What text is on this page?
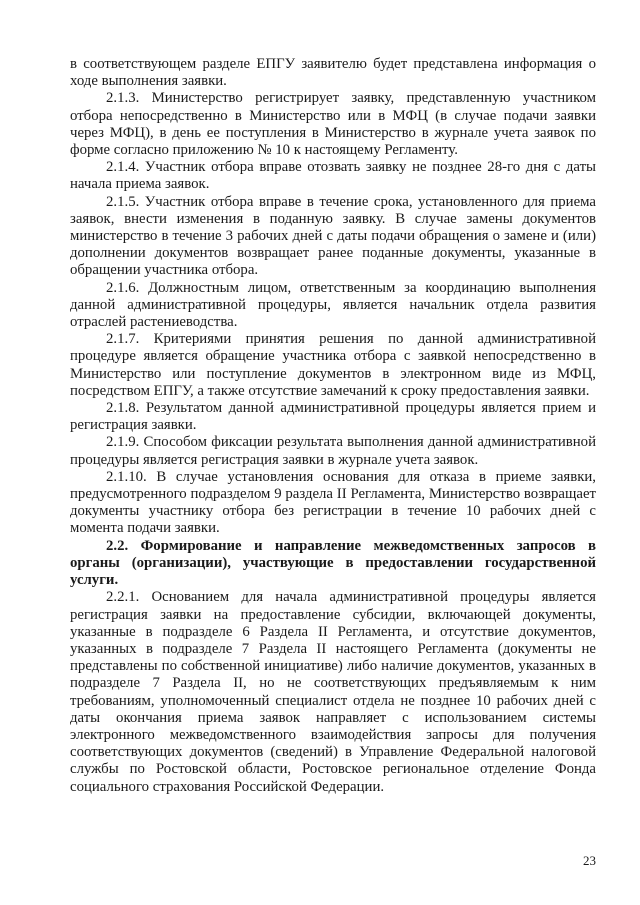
в соответствующем разделе ЕПГУ заявителю будет представлена информация о ходе выполнения заявки.

2.1.3. Министерство регистрирует заявку, представленную участником отбора непосредственно в Министерство или в МФЦ (в случае подачи заявки через МФЦ), в день ее поступления в Министерство в журнале учета заявок по форме согласно приложению № 10 к настоящему Регламенту.

2.1.4. Участник отбора вправе отозвать заявку не позднее 28-го дня с даты начала приема заявок.

2.1.5. Участник отбора вправе в течение срока, установленного для приема заявок, внести изменения в поданную заявку. В случае замены документов министерство в течение 3 рабочих дней с даты подачи обращения о замене и (или) дополнении документов возвращает ранее поданные документы, указанные в обращении участника отбора.

2.1.6. Должностным лицом, ответственным за координацию выполнения данной административной процедуры, является начальник отдела развития отраслей растениеводства.

2.1.7. Критериями принятия решения по данной административной процедуре является обращение участника отбора с заявкой непосредственно в Министерство или поступление документов в электронном виде из МФЦ, посредством ЕПГУ, а также отсутствие замечаний к сроку предоставления заявки.

2.1.8. Результатом данной административной процедуры является прием и регистрация заявки.

2.1.9. Способом фиксации результата выполнения данной административной процедуры является регистрация заявки в журнале учета заявок.

2.1.10. В случае установления основания для отказа в приеме заявки, предусмотренного подразделом 9 раздела II Регламента, Министерство возвращает документы участнику отбора без регистрации в течение 10 рабочих дней с момента подачи заявки.

2.2. Формирование и направление межведомственных запросов в органы (организации), участвующие в предоставлении государственной услуги.

2.2.1. Основанием для начала административной процедуры является регистрация заявки на предоставление субсидии, включающей документы, указанные в подразделе 6 Раздела II Регламента, и отсутствие документов, указанных в подразделе 7 Раздела II настоящего Регламента (документы не представлены по собственной инициативе) либо наличие документов, указанных в подразделе 7 Раздела II, но не соответствующих предъявляемым к ним требованиям, уполномоченный специалист отдела не позднее 10 рабочих дней с даты окончания приема заявок направляет с использованием системы электронного межведомственного взаимодействия запросы для получения соответствующих документов (сведений) в Управление Федеральной налоговой службы по Ростовской области, Ростовское региональное отделение Фонда социального страхования Российской Федерации.

23
